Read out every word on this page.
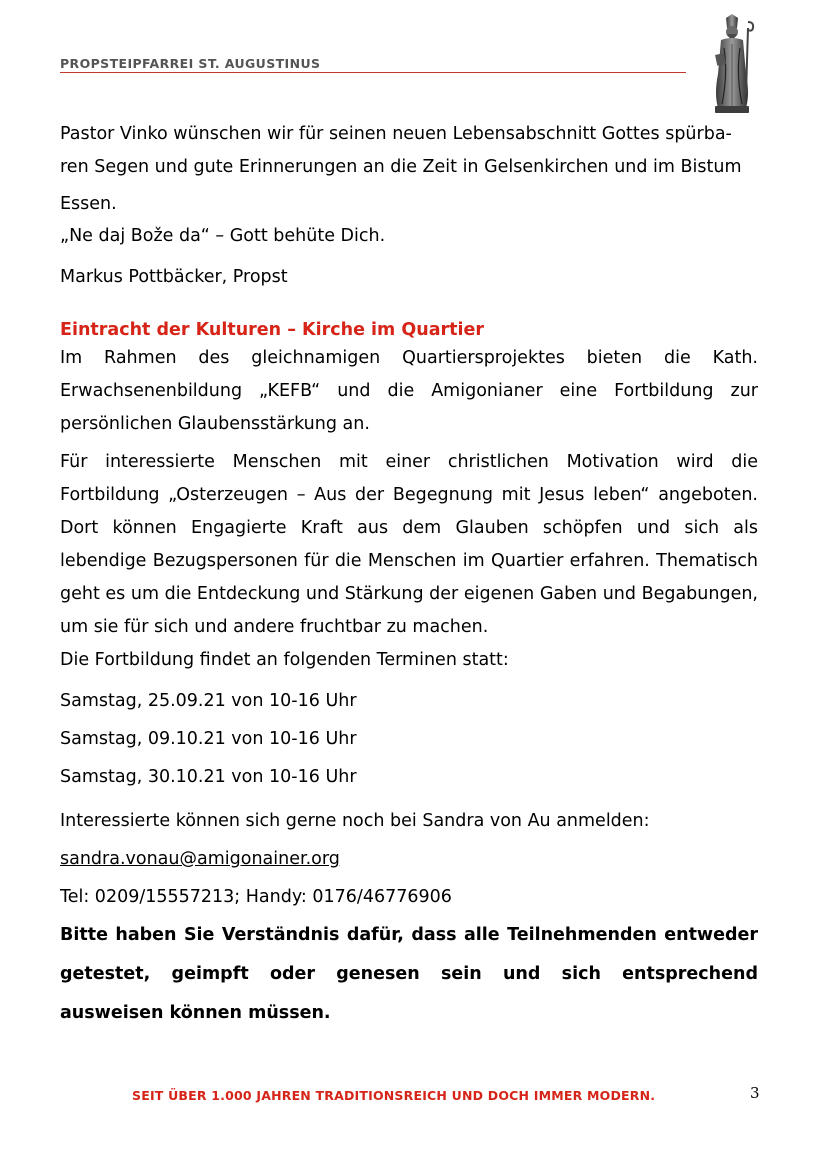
PROPSTEIPFARREI ST. AUGUSTINUS

Pastor Vinko wünschen wir für seinen neuen Lebensabschnitt Gottes spürba-

ren Segen und gute Erinnerungen an die Zeit in Gelsenkirchen und im Bistum

Essen.

„Ne daj Bože da“ – Gott behüte Dich.

Markus Pottbäcker, Propst

Eintracht der Kulturen – Kirche im Quartier

Im Rahmen des gleichnamigen Quartiersprojektes bieten die Kath. Erwachsenenbildung „KEFB“ und die Amigonianer eine Fortbildung zur persönlichen Glaubensstärkung an.

Für interessierte Menschen mit einer christlichen Motivation wird die Fortbildung „Osterzeugen – Aus der Begegnung mit Jesus leben“ angeboten. Dort können Engagierte Kraft aus dem Glauben schöpfen und sich als lebendige Bezugspersonen für die Menschen im Quartier erfahren. Thematisch geht es um die Entdeckung und Stärkung der eigenen Gaben und Begabungen, um sie für sich und andere fruchtbar zu machen.

Die Fortbildung findet an folgenden Terminen statt:

Samstag, 25.09.21 von 10-16 Uhr

Samstag, 09.10.21 von 10-16 Uhr

Samstag, 30.10.21 von 10-16 Uhr

Interessierte können sich gerne noch bei Sandra von Au anmelden:

sandra.vonau@amigonainer.org

Tel: 0209/15557213; Handy: 0176/46776906

Bitte haben Sie Verständnis dafür, dass alle Teilnehmenden entweder getestet, geimpft oder genesen sein und sich entsprechend ausweisen können müssen.

SEIT ÜBER 1.000 JAHREN TRADITIONSREICH UND DOCH IMMER MODERN.	3
